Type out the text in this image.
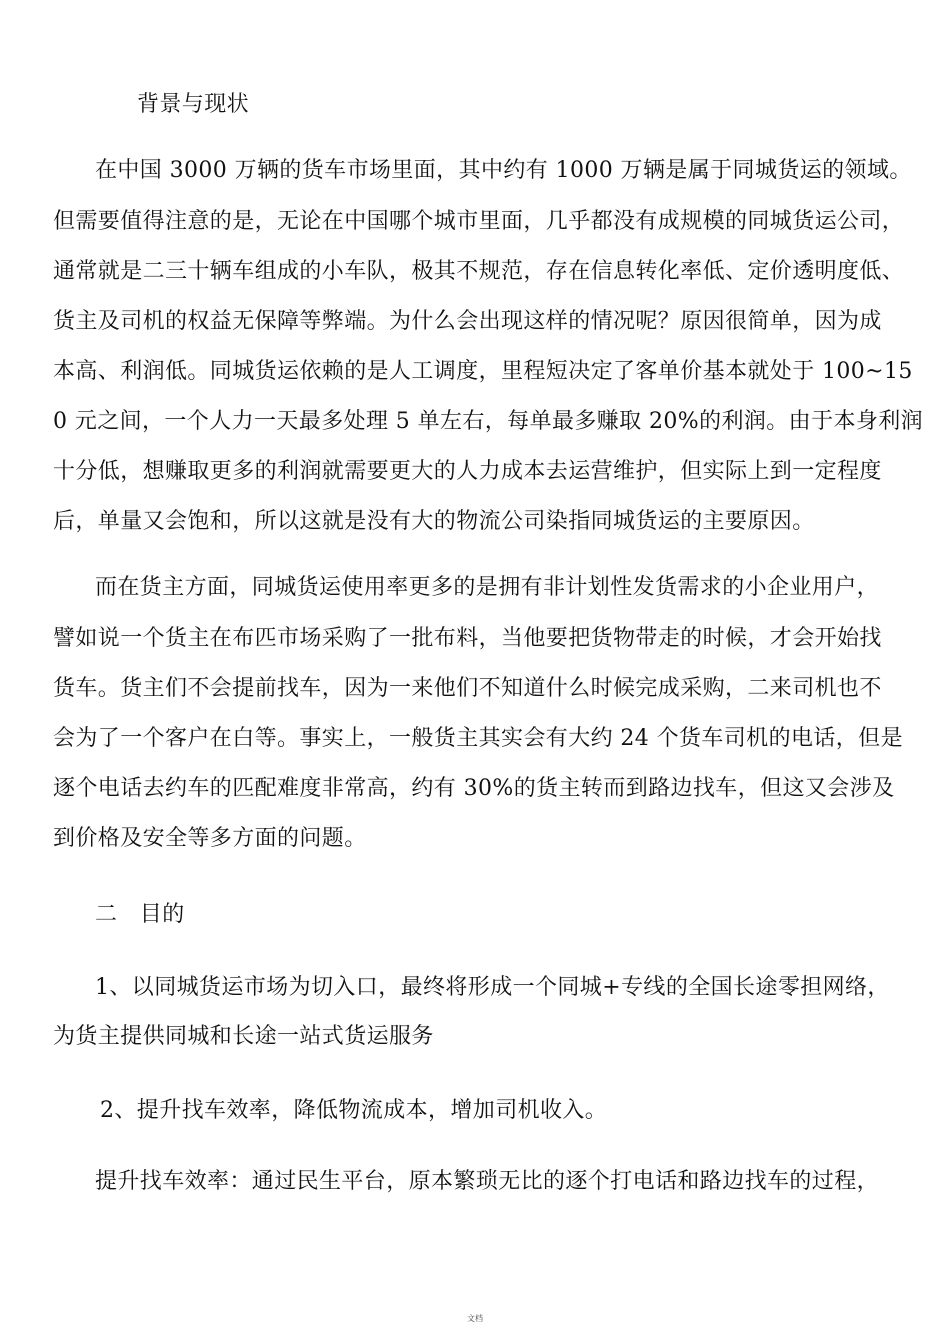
背景与现状
在中国 3000 万辆的货车市场里面，其中约有 1000 万辆是属于同城货运的领域。
但需要值得注意的是，无论在中国哪个城市里面，几乎都没有成规模的同城货运公司，
通常就是二三十辆车组成的小车队，极其不规范，存在信息转化率低、定价透明度低、
货主及司机的权益无保障等弊端。为什么会出现这样的情况呢？原因很简单，因为成
本高、利润低。同城货运依赖的是人工调度，里程短决定了客单价基本就处于 100~15
0 元之间，一个人力一天最多处理 5 单左右，每单最多赚取 20%的利润。由于本身利润
十分低，想赚取更多的利润就需要更大的人力成本去运营维护，但实际上到一定程度
后，单量又会饱和，所以这就是没有大的物流公司染指同城货运的主要原因。
而在货主方面，同城货运使用率更多的是拥有非计划性发货需求的小企业用户，
譬如说一个货主在布匹市场采购了一批布料，当他要把货物带走的时候，才会开始找
货车。货主们不会提前找车，因为一来他们不知道什么时候完成采购，二来司机也不
会为了一个客户在白等。事实上，一般货主其实会有大约 24 个货车司机的电话，但是
逐个电话去约车的匹配难度非常高，约有 30%的货主转而到路边找车，但这又会涉及
到价格及安全等多方面的问题。
二　目的
1、以同城货运市场为切入口，最终将形成一个同城+专线的全国长途零担网络，
为货主提供同城和长途一站式货运服务
2、提升找车效率，降低物流成本，增加司机收入。
提升找车效率：通过民生平台，原本繁琐无比的逐个打电话和路边找车的过程，
文档
